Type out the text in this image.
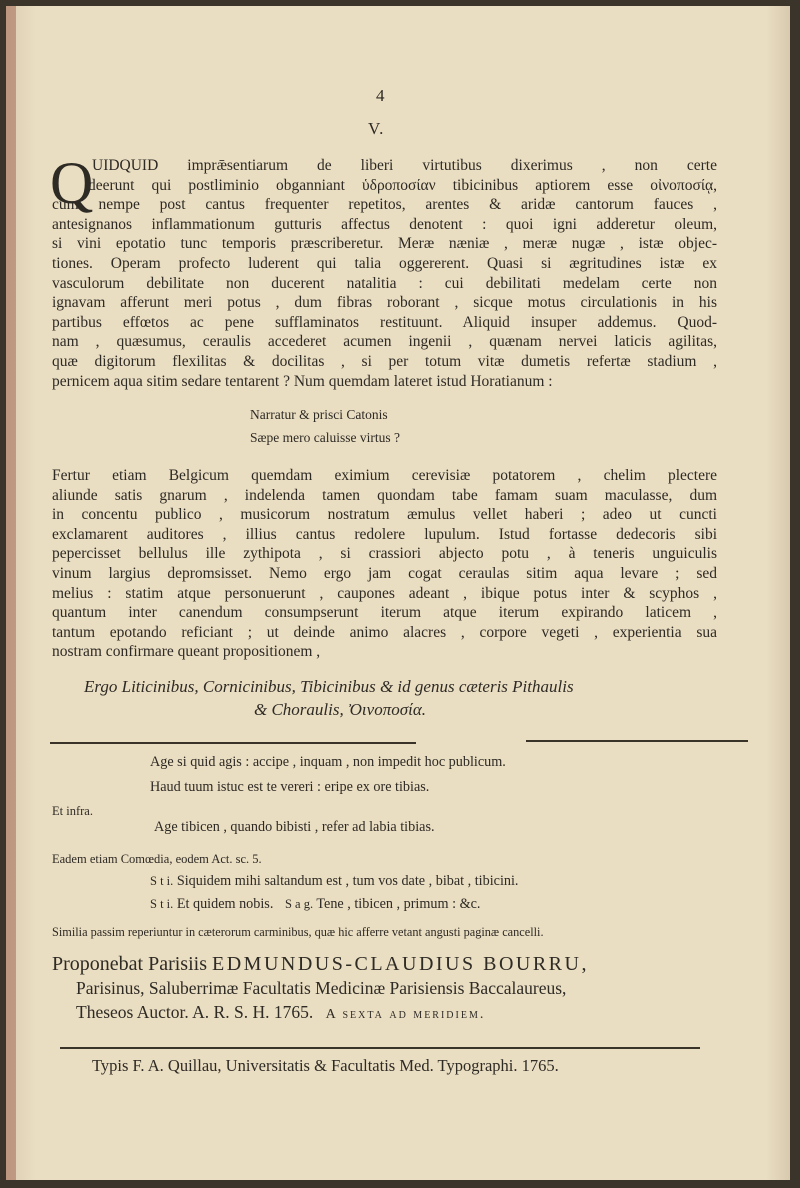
4
V.
Q
UIDQUID imprǣsentiarum de liberi virtutibus dixerimus , non certe
deerunt qui postliminio obganniant ὑδροποσίαν tibicinibus aptiorem esse οἰνοποσίᾳ,
cum nempe post cantus frequenter repetitos, arentes & aridæ cantorum fauces ,
antesignanos inflammationum gutturis affectus denotent : quoi igni adderetur oleum,
si vini epotatio tunc temporis præscriberetur. Meræ næniæ , meræ nugæ , istæ objec-
tiones. Operam profecto luderent qui talia oggererent. Quasi si ægritudines istæ ex
vasculorum debilitate non ducerent natalitia : cui debilitati medelam certe non
ignavam afferunt meri potus , dum fibras roborant , sicque motus circulationis in his
partibus effœtos ac pene sufflaminatos restituunt. Aliquid insuper addemus. Quod-
nam , quæsumus, ceraulis accederet acumen ingenii , quænam nervei laticis agilitas,
quæ digitorum flexilitas & docilitas , si per totum vitæ dumetis refertæ stadium ,
pernicem aqua sitim sedare tentarent ? Num quemdam lateret istud Horatianum :
Narratur & prisci Catonis
Sæpe mero caluisse virtus ?
Fertur etiam Belgicum quemdam eximium cerevisiæ potatorem , chelim plectere
aliunde satis gnarum , indelenda tamen quondam tabe famam suam maculasse, dum
in concentu publico , musicorum nostratum æmulus vellet haberi ; adeo ut cuncti
exclamarent auditores , illius cantus redolere lupulum. Istud fortasse dedecoris sibi
pepercisset bellulus ille zythipota , si crassiori abjecto potu , à teneris unguiculis
vinum largius depromsisset. Nemo ergo jam cogat ceraulas sitim aqua levare ; sed
melius : statim atque personuerunt , caupones adeant , ibique potus inter & scyphos ,
quantum inter canendum consumpserunt iterum atque iterum expirando laticem ,
tantum epotando reficiant ; ut deinde animo alacres , corpore vegeti , experientia sua
nostram confirmare queant propositionem ,
Ergo Liticinibus, Cornicinibus, Tibicinibus & id genus cæteris Pithaulis
& Choraulis, Ὀινοποσία.
Age si quid agis : accipe , inquam , non impedit hoc publicum.
Haud tuum istuc est te vereri : eripe ex ore tibias.
Et infra.
Age tibicen , quando bibisti , refer ad labia tibias.
Eadem etiam Comœdia, eodem Act. sc. 5.
S t i. Siquidem mihi saltandum est , tum vos date , bibat , tibicini.
S t i. Et quidem nobis. S a g. Tene , tibicen , primum : &c.
Similia passim reperiuntur in cæterorum carminibus, quæ hic afferre vetant angusti paginæ cancelli.
Proponebat Parisiis EDMUNDUS-CLAUDIUS BOURRU,
Parisinus, Saluberrimæ Facultatis Medicinæ Parisiensis Baccalaureus,
Theseos Auctor. A. R. S. H. 1765. A sexta ad meridiem.
Typis F. A. Quillau, Universitatis & Facultatis Med. Typographi. 1765.
